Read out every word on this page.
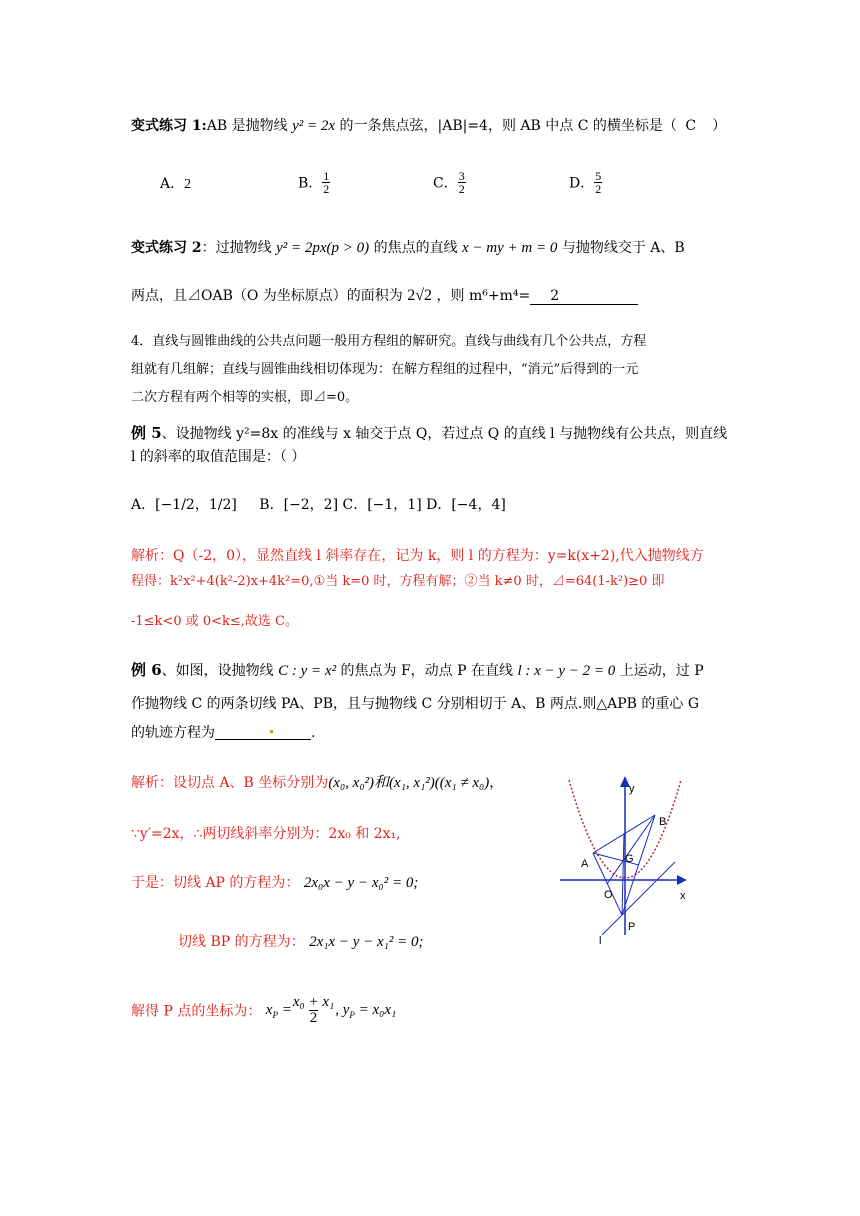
变式练习 1:AB 是抛物线 y² = 2x 的一条焦点弦，|AB|=4，则 AB 中点 C 的横坐标是（ C ）
A．2	B． $\frac{1}{2}$	C． $\frac{3}{2}$	D． $\frac{5}{2}$
变式练习 2：过抛物线 y² = 2px(p > 0) 的焦点的直线 x − my + m = 0 与抛物线交于 A、B
两点，且⊿OAB（O 为坐标原点）的面积为 2√2 ，则 m⁶+m⁴= 2
4．直线与圆锥曲线的公共点问题一般用方程组的解研究。直线与曲线有几个公共点，方程
组就有几组解；直线与圆锥曲线相切体现为：在解方程组的过程中，“消元”后得到的一元
二次方程有两个相等的实根，即⊿=0。
例 5、设抛物线 y²=8x 的准线与 x 轴交于点 Q，若过点 Q 的直线 l 与抛物线有公共点，则直线
l 的斜率的取值范围是：（ ）
A．[−1/2，1/2] B．[−2，2] C．[−1，1] D．[−4，4]
解析：Q（-2，0），显然直线 l 斜率存在，记为 k，则 l 的方程为：y=k(x+2),代入抛物线方
程得：k²x²+4(k²-2)x+4k²=0,①当 k=0 时，方程有解；②当 k≠0 时，⊿=64(1-k²)≥0 即
-1≤k<0 或 0<k≤,故选 C。
例 6、如图，设抛物线 C : y = x² 的焦点为 F，动点 P 在直线 l : x − y − 2 = 0 上运动，过 P
作抛物线 C 的两条切线 PA、PB，且与抛物线 C 分别相切于 A、B 两点.则△APB 的重心 G
的轨迹方程为	.
解析：设切点 A、B 坐标分别为(x₀, x₀²)和(x₁, x₁²)((x₁ ≠ x₀)，
∵y′=2x，∴两切线斜率分别为：2x₀ 和 2x₁,
于是：切线 AP 的方程为： 2x₀x − y − x₀² = 0;
切线 BP 的方程为： 2x₁x − y − x₁² = 0;
解得 P 点的坐标为： $x_P = \frac{\text{x₀ + x₁}}{2}$ , $y_P = x_0x_1$
y
B
A	G
O	x
P
l
